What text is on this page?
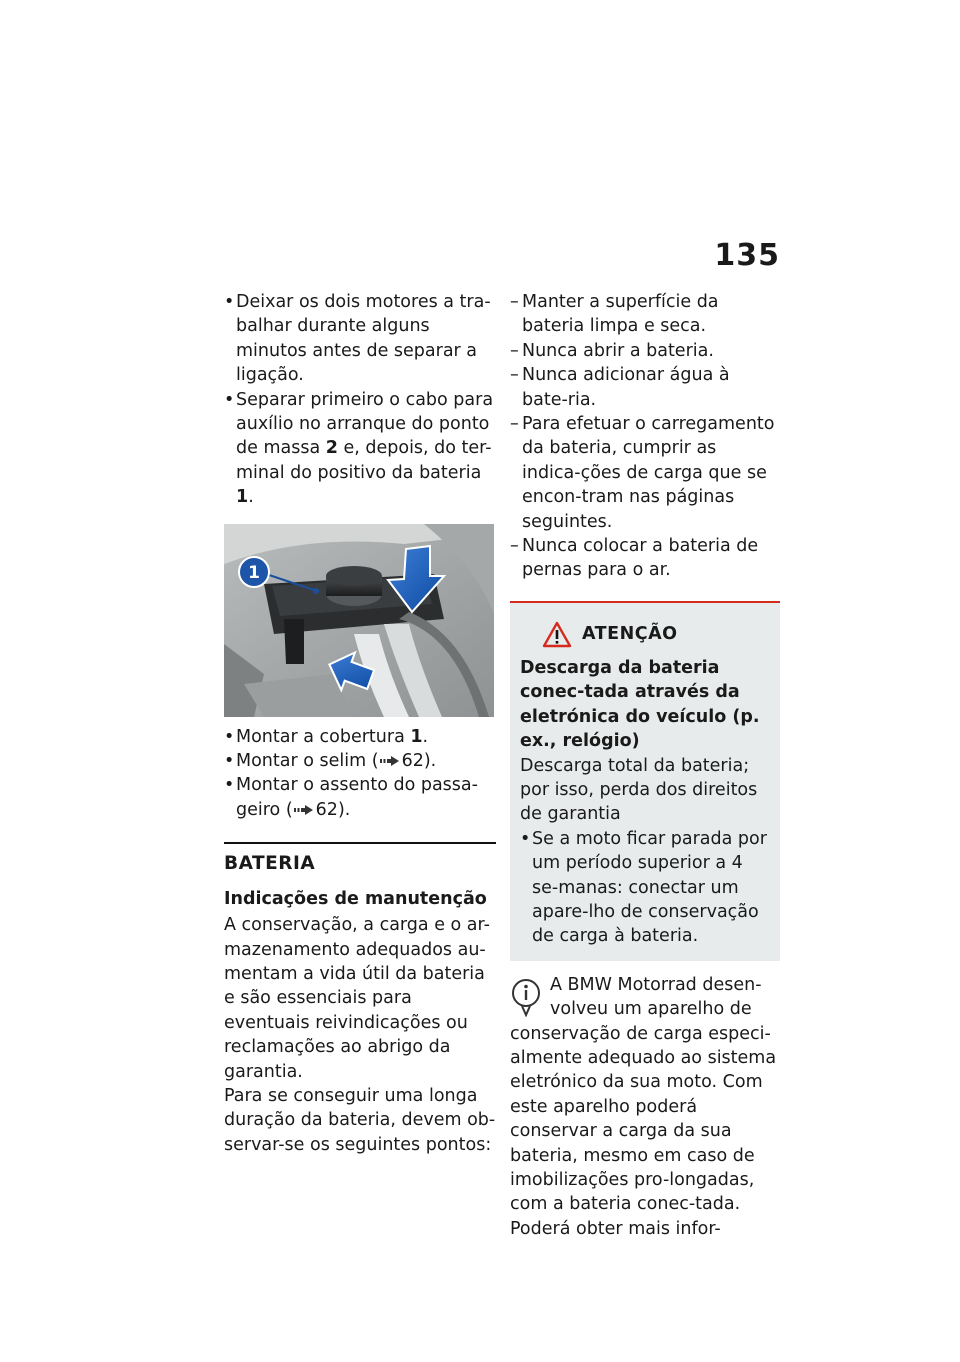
135
• Deixar os dois motores a tra-balhar durante alguns minutos antes de separar a ligação.
• Separar primeiro o cabo para auxílio no arranque do ponto de massa 2 e, depois, do ter-minal do positivo da bateria 1.
1
• Montar a cobertura 1.
• Montar o selim ( 62).
• Montar o assento do passa-geiro ( 62).
BATERIA
Indicações de manutenção

A conservação, a carga e o ar-mazenamento adequados au-mentam a vida útil da bateria e são essenciais para eventuais reivindicações ou reclamações ao abrigo da garantia.

Para se conseguir uma longa duração da bateria, devem ob-servar-se os seguintes pontos:

– Manter a superfície da bateria limpa e seca.
– Nunca abrir a bateria.
– Nunca adicionar água à bate-ria.
– Para efetuar o carregamento da bateria, cumprir as indica-ções de carga que se encon-tram nas páginas seguintes.
– Nunca colocar a bateria de pernas para o ar.
ATENÇÃO

Descarga da bateria conec-tada através da eletrónica do veículo (p. ex., relógio)

Descarga total da bateria; por isso, perda dos direitos de garantia

• Se a moto ficar parada por um período superior a 4 se-manas: conectar um apare-lho de conservação de carga à bateria.

A BMW Motorrad desen-volveu um aparelho de

conservação de carga especi-almente adequado ao sistema eletrónico da sua moto. Com este aparelho poderá conservar a carga da sua bateria, mesmo em caso de imobilizações pro-longadas, com a bateria conec-tada. Poderá obter mais infor-
